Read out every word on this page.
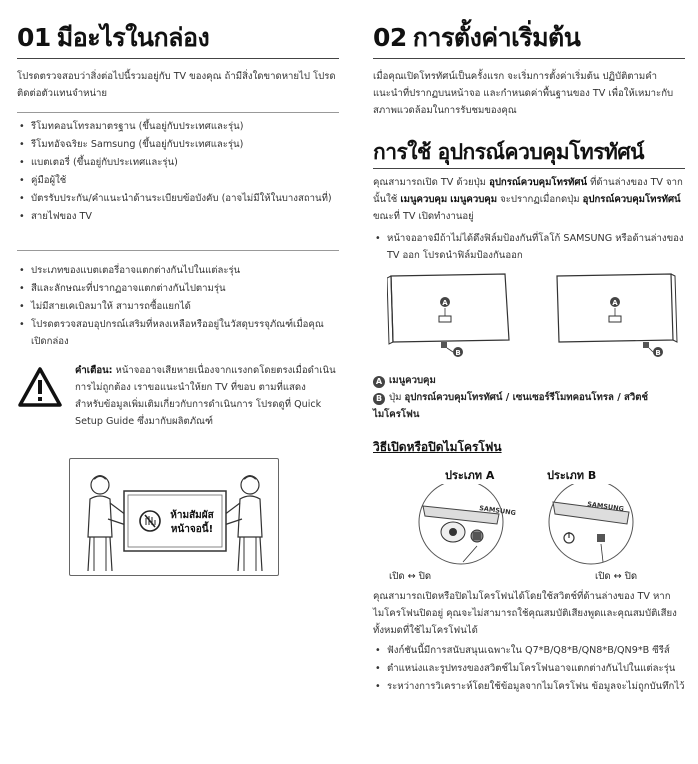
01 มีอะไรในกล่อง
โปรดตรวจสอบว่าสิ่งต่อไปนี้รวมอยู่กับ TV ของคุณ ถ้ามีสิ่งใดขาดหายไป โปรดติดต่อตัวแทนจำหน่าย
• รีโมทคอนโทรลมาตรฐาน (ขึ้นอยู่กับประเทศและรุ่น)
• รีโมทอัจฉริยะ Samsung (ขึ้นอยู่กับประเทศและรุ่น)
• แบตเตอรี่ (ขึ้นอยู่กับประเทศและรุ่น)
• คู่มือผู้ใช้
• บัตรรับประกัน/คำแนะนำด้านระเบียบข้อบังคับ (อาจไม่มีให้ในบางสถานที่)
• สายไฟของ TV
• ประเภทของแบตเตอรี่อาจแตกต่างกันไปในแต่ละรุ่น
• สีและลักษณะที่ปรากฏอาจแตกต่างกันไปตามรุ่น
• ไม่มีสายเคเบิลมาให้ สามารถซื้อแยกได้
• โปรดตรวจสอบอุปกรณ์เสริมที่หลงเหลือหรืออยู่ในวัสดุบรรจุภัณฑ์เมื่อคุณเปิดกล่อง
คำเตือน: หน้าจออาจเสียหายเนื่องจากแรงกดโดยตรงเมื่อดำเนินการไม่ถูกต้อง เราขอแนะนำให้ยก TV ที่ขอบ ตามที่แสดง สำหรับข้อมูลเพิ่มเติมเกี่ยวกับการดำเนินการ โปรดดูที่ Quick Setup Guide ซึ่งมากับผลิตภัณฑ์
ห้ามสัมผัส
หน้าจอนี้!
02 การตั้งค่าเริ่มต้น
เมื่อคุณเปิดโทรทัศน์เป็นครั้งแรก จะเริ่มการตั้งค่าเริ่มต้น ปฏิบัติตามคำแนะนำที่ปรากฏบนหน้าจอ และกำหนดค่าพื้นฐานของ TV เพื่อให้เหมาะกับสภาพแวดล้อมในการรับชมของคุณ
การใช้ อุปกรณ์ควบคุมโทรทัศน์
คุณสามารถเปิด TV ด้วยปุ่ม อุปกรณ์ควบคุมโทรทัศน์ ที่ด้านล่างของ TV จากนั้นใช้ เมนูควบคุม เมนูควบคุม จะปรากฏเมื่อกดปุ่ม อุปกรณ์ควบคุมโทรทัศน์ ขณะที่ TV เปิดทำงานอยู่
• หน้าจออาจมีถ้าไม่ได้ดึงฟิล์มป้องกันที่โลโก้ SAMSUNG หรือด้านล่างของ TV ออก โปรดนำฟิล์มป้องกันออก
A
B
A
B
A เมนูควบคุม
B ปุ่ม อุปกรณ์ควบคุมโทรทัศน์ / เซนเซอร์รีโมทคอนโทรล / สวิตช์ไมโครโฟน
วิธีเปิดหรือปิดไมโครโฟน
ประเภท A	ประเภท B
SAMSUNG	SAMSUNG
เปิด ↔ ปิด	เปิด ↔ ปิด
คุณสามารถเปิดหรือปิดไมโครโฟนได้โดยใช้สวิตช์ที่ด้านล่างของ TV หากไมโครโฟนปิดอยู่ คุณจะไม่สามารถใช้คุณสมบัติเสียงพูดและคุณสมบัติเสียงทั้งหมดที่ใช้ไมโครโฟนได้
• ฟังก์ชันนี้มีการสนับสนุนเฉพาะใน Q7*B/Q8*B/QN8*B/QN9*B ซีรีส์
• ตำแหน่งและรูปทรงของสวิตช์ไมโครโฟนอาจแตกต่างกันไปในแต่ละรุ่น
• ระหว่างการวิเคราะห์โดยใช้ข้อมูลจากไมโครโฟน ข้อมูลจะไม่ถูกบันทึกไว้
